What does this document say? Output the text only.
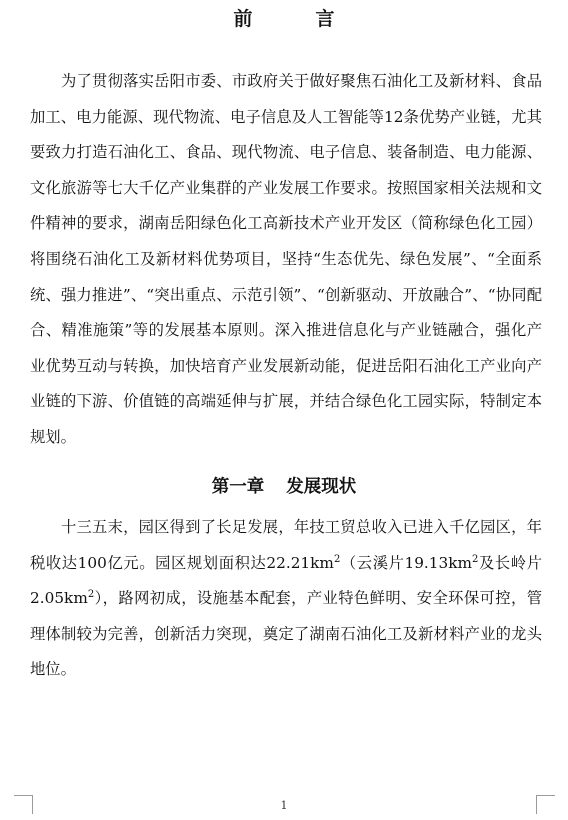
前　言

为了贯彻落实岳阳市委、市政府关于做好聚焦石油化工及新材料、食品加工、电力能源、现代物流、电子信息及人工智能等12条优势产业链，尤其要致力打造石油化工、食品、现代物流、电子信息、装备制造、电力能源、文化旅游等七大千亿产业集群的产业发展工作要求。按照国家相关法规和文件精神的要求，湖南岳阳绿色化工高新技术产业开发区（简称绿色化工园）将围绕石油化工及新材料优势项目，坚持“生态优先、绿色发展”、“全面系统、强力推进”、“突出重点、示范引领”、“创新驱动、开放融合”、“协同配合、精准施策”等的发展基本原则。深入推进信息化与产业链融合，强化产业优势互动与转换，加快培育产业发展新动能，促进岳阳石油化工产业向产业链的下游、价值链的高端延伸与扩展，并结合绿色化工园实际，特制定本规划。

第一章 发展现状

十三五末，园区得到了长足发展，年技工贸总收入已进入千亿园区，年税收达100亿元。园区规划面积达$22.21km^2$（云溪片$19.13km^2$及长岭片$2.05km^2$），路网初成，设施基本配套，产业特色鲜明、安全环保可控，管理体制较为完善，创新活力突现，奠定了湖南石油化工及新材料产业的龙头地位。

1
